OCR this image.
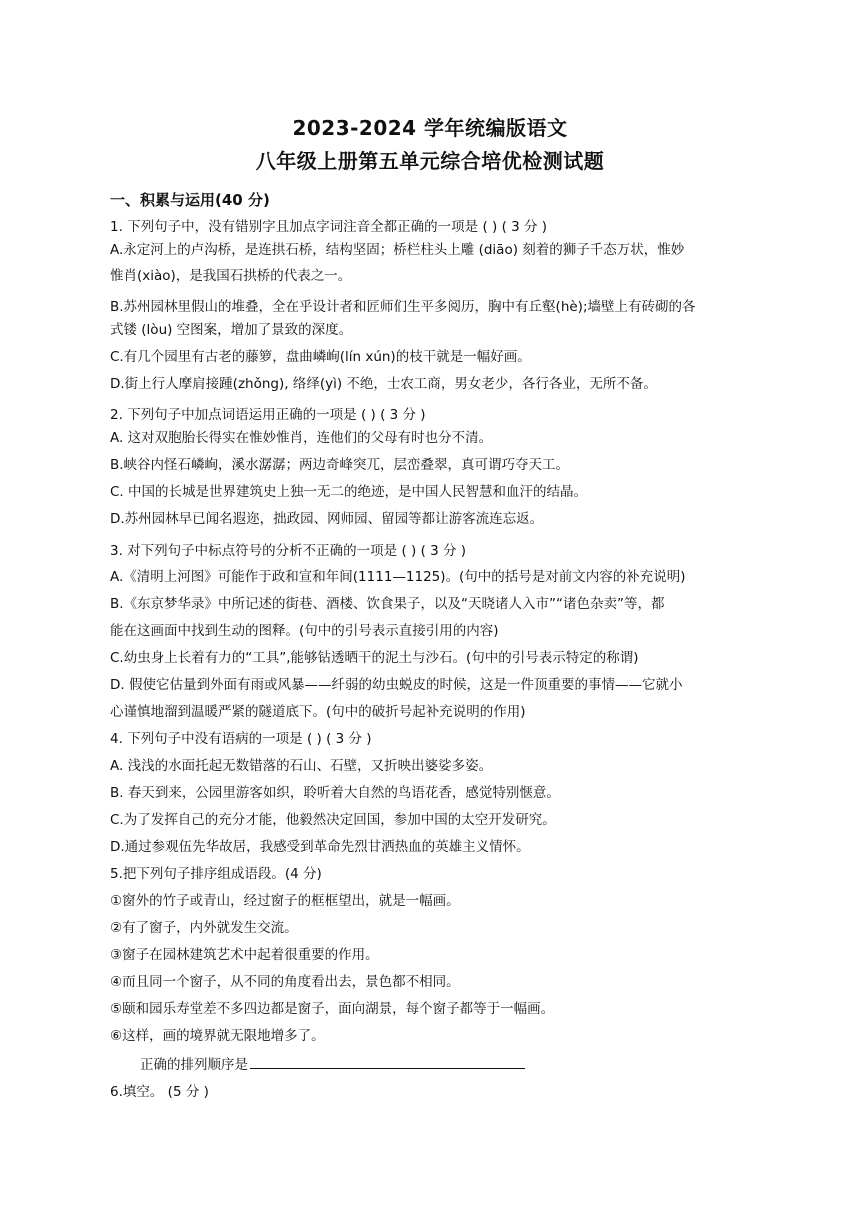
2023-2024 学年统编版语文
八年级上册第五单元综合培优检测试题
一、积累与运用(40 分)
1. 下列句子中，没有错别字且加点字词注音全都正确的一项是 ( ) ( 3 分 )
A.永定河上的卢沟桥，是连拱石桥，结构坚固；桥栏柱头上雕 (diāo) 刻着的狮子千态万状，惟妙
惟肖(xiào)，是我国石拱桥的代表之一。
B.苏州园林里假山的堆叠，全在乎设计者和匠师们生平多阅历，胸中有丘壑(hè);墙壁上有砖砌的各
式镂 (lòu) 空图案，增加了景致的深度。
C.有几个园里有古老的藤箩，盘曲嶙峋(lín xún)的枝干就是一幅好画。
D.街上行人摩肩接踵(zhǒng), 络绎(yì) 不绝，士农工商，男女老少，各行各业，无所不备。
2. 下列句子中加点词语运用正确的一项是 ( ) ( 3 分 )
A. 这对双胞胎长得实在惟妙惟肖，连他们的父母有时也分不清。
B.峡谷内怪石嶙峋，溪水潺潺；两边奇峰突兀，层峦叠翠，真可谓巧夺天工。
C. 中国的长城是世界建筑史上独一无二的绝迹，是中国人民智慧和血汗的结晶。
D.苏州园林早已闻名遐迩，拙政园、网师园、留园等都让游客流连忘返。
3. 对下列句子中标点符号的分析不正确的一项是 ( ) ( 3 分 )
A.《清明上河图》可能作于政和宣和年间(1111—1125)。(句中的括号是对前文内容的补充说明)
B.《东京梦华录》中所记述的街巷、酒楼、饮食果子，以及“天晓诸人入市”“诸色杂卖”等，都
能在这画面中找到生动的图释。(句中的引号表示直接引用的内容)
C.幼虫身上长着有力的“工具”,能够钻透晒干的泥土与沙石。(句中的引号表示特定的称谓)
D. 假使它估量到外面有雨或风暴——纤弱的幼虫蜕皮的时候，这是一件顶重要的事情——它就小
心谨慎地溜到温暖严紧的隧道底下。(句中的破折号起补充说明的作用)
4. 下列句子中没有语病的一项是 ( ) ( 3 分 )
A. 浅浅的水面托起无数错落的石山、石壁，又折映出婆娑多姿。
B. 春天到来，公园里游客如织，聆听着大自然的鸟语花香，感觉特别惬意。
C.为了发挥自己的充分才能，他毅然决定回国，参加中国的太空开发研究。
D.通过参观伍先华故居，我感受到革命先烈甘洒热血的英雄主义情怀。
5.把下列句子排序组成语段。(4 分)
①窗外的竹子或青山，经过窗子的框框望出，就是一幅画。
②有了窗子，内外就发生交流。
③窗子在园林建筑艺术中起着很重要的作用。
④而且同一个窗子，从不同的角度看出去，景色都不相同。
⑤颐和园乐寿堂差不多四边都是窗子，面向湖景，每个窗子都等于一幅画。
⑥这样，画的境界就无限地增多了。
正确的排列顺序是
6.填空。 (5 分 )
